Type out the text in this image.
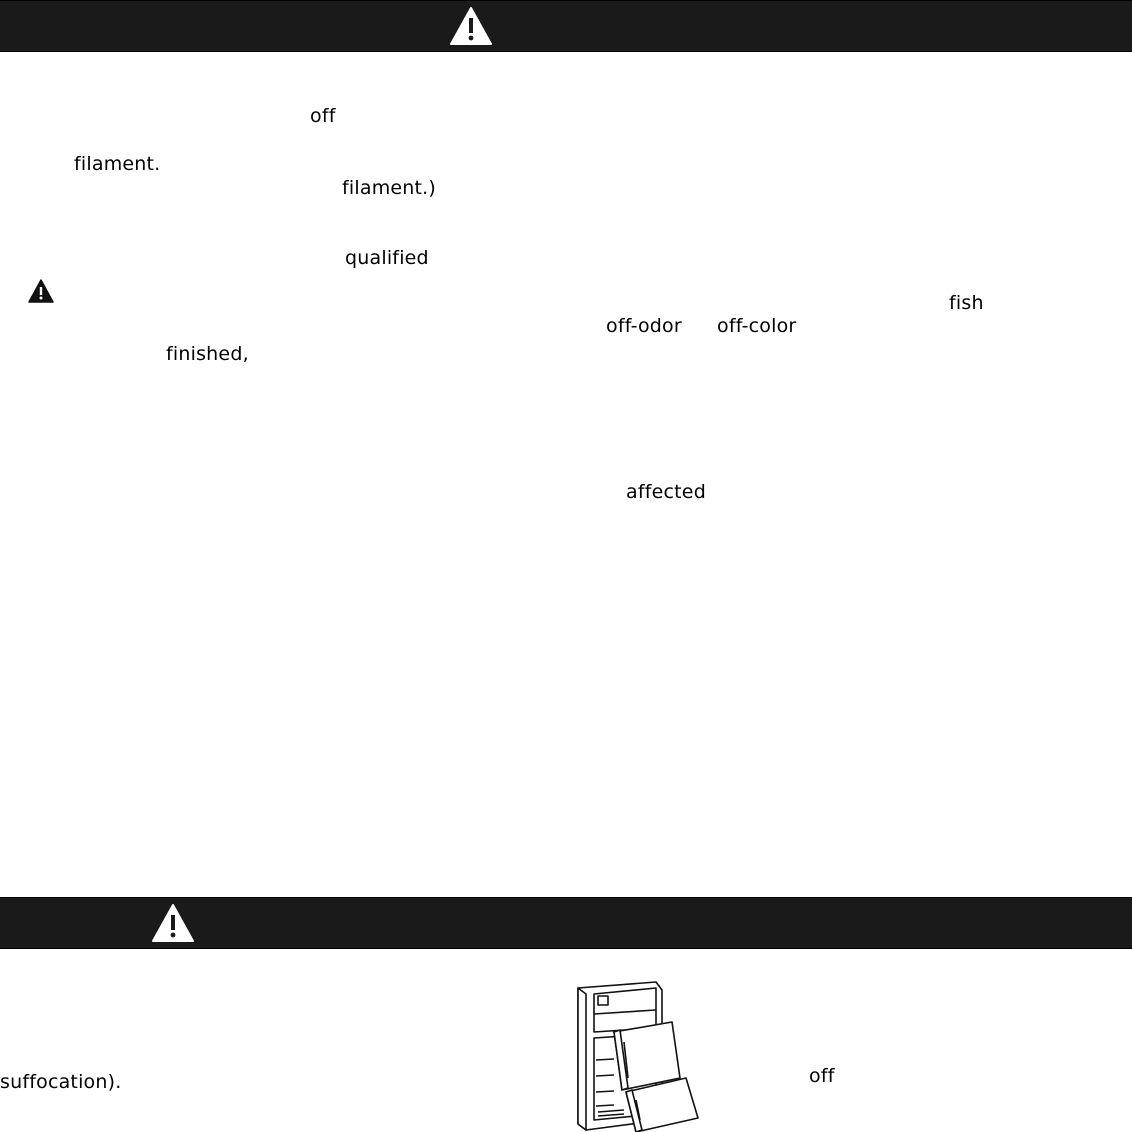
off
filament.
filament.)
qualified
finished,
fish
off-odor off-color
affected
suffocation).	off
